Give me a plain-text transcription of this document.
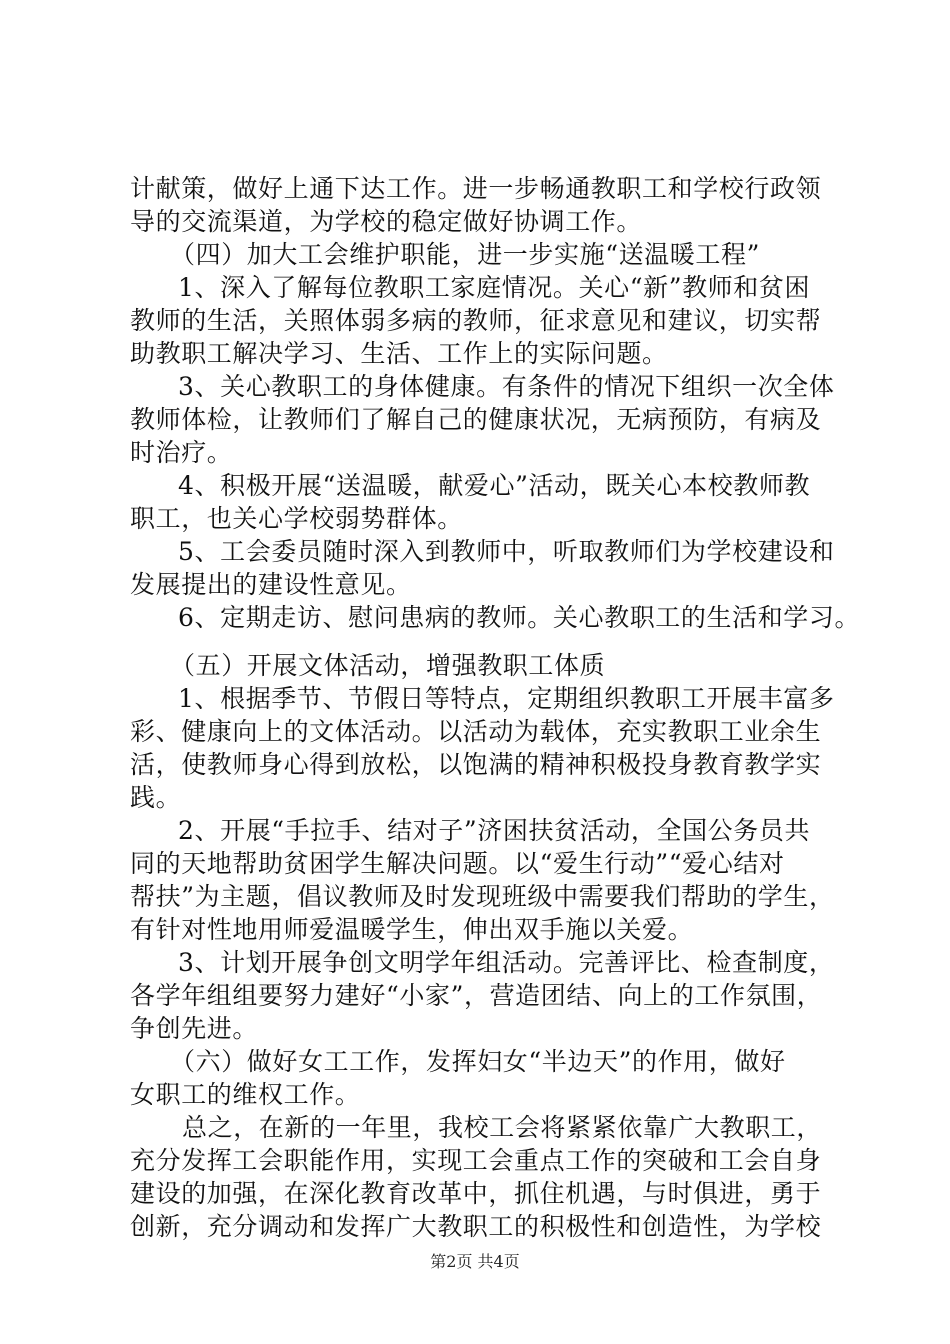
计献策，做好上通下达工作。进一步畅通教职工和学校行政领
导的交流渠道，为学校的稳定做好协调工作。
（四）加大工会维护职能，进一步实施“送温暖工程”
1、深入了解每位教职工家庭情况。关心“新”教师和贫困
教师的生活，关照体弱多病的教师，征求意见和建议，切实帮
助教职工解决学习、生活、工作上的实际问题。
3、关心教职工的身体健康。有条件的情况下组织一次全体
教师体检，让教师们了解自己的健康状况，无病预防，有病及
时治疗。
4、积极开展“送温暖，献爱心”活动，既关心本校教师教
职工，也关心学校弱势群体。
5、工会委员随时深入到教师中，听取教师们为学校建设和
发展提出的建设性意见。
6、定期走访、慰问患病的教师。关心教职工的生活和学习。
（五）开展文体活动，增强教职工体质
1、根据季节、节假日等特点，定期组织教职工开展丰富多
彩、健康向上的文体活动。以活动为载体，充实教职工业余生
活，使教师身心得到放松，以饱满的精神积极投身教育教学实
践。
2、开展“手拉手、结对子”济困扶贫活动，全国公务员共
同的天地帮助贫困学生解决问题。以“爱生行动”“爱心结对
帮扶”为主题，倡议教师及时发现班级中需要我们帮助的学生，
有针对性地用师爱温暖学生，伸出双手施以关爱。
3、计划开展争创文明学年组活动。完善评比、检查制度，
各学年组组要努力建好“小家”，营造团结、向上的工作氛围，
争创先进。
（六）做好女工工作，发挥妇女“半边天”的作用，做好
女职工的维权工作。
总之，在新的一年里，我校工会将紧紧依靠广大教职工，
充分发挥工会职能作用，实现工会重点工作的突破和工会自身
建设的加强，在深化教育改革中，抓住机遇，与时俱进，勇于
创新，充分调动和发挥广大教职工的积极性和创造性，为学校
第2页 共4页
